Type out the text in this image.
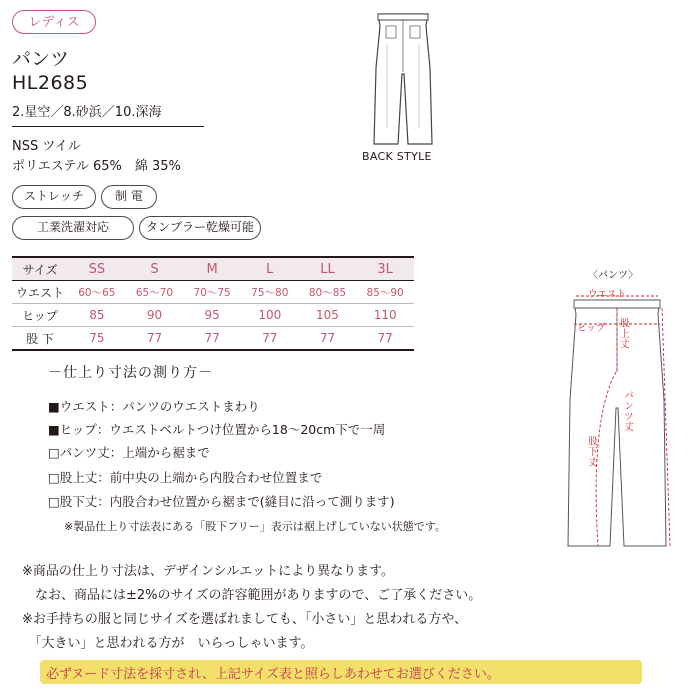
レディス
パンツ
HL2685
2.星空／8.砂浜／10.深海
NSS ツイル
ポリエステル 65%　綿 35%
ストレッチ	制 電
工業洗濯対応	タンブラー乾燥可能
BACK STYLE
サイズ	SS	S	M	L	LL	3L
ウエスト	60〜65	65〜70	70〜75	75〜80	80〜85	85〜90
ヒップ	85	90	95	100	105	110
股 下	75	77	77	77	77	77
－仕上り寸法の測り方－
■ウエスト：パンツのウエストまわり
■ヒップ：ウエストベルトつけ位置から18〜20cm下で一周
□パンツ丈：上端から裾まで
□股上丈：前中央の上端から内股合わせ位置まで
□股下丈：内股合わせ位置から裾まで(縫目に沿って測ります)
※製品仕上り寸法表にある「股下フリー」表示は裾上げしていない状態です。
〈パンツ〉
ウエスト
ヒップ 股上丈
パンツ丈
股下丈
※商品の仕上り寸法は、デザインシルエットにより異なります。
　なお、商品には±2%のサイズの許容範囲がありますので、ご了承ください。
※お手持ちの服と同じサイズを選ばれましても、「小さい」と思われる方や、
必ずヌード寸法を採寸され、上記サイズ表と照らしあわせてお選びください。
　「大きい」と思われる方が　いらっしゃいます。
